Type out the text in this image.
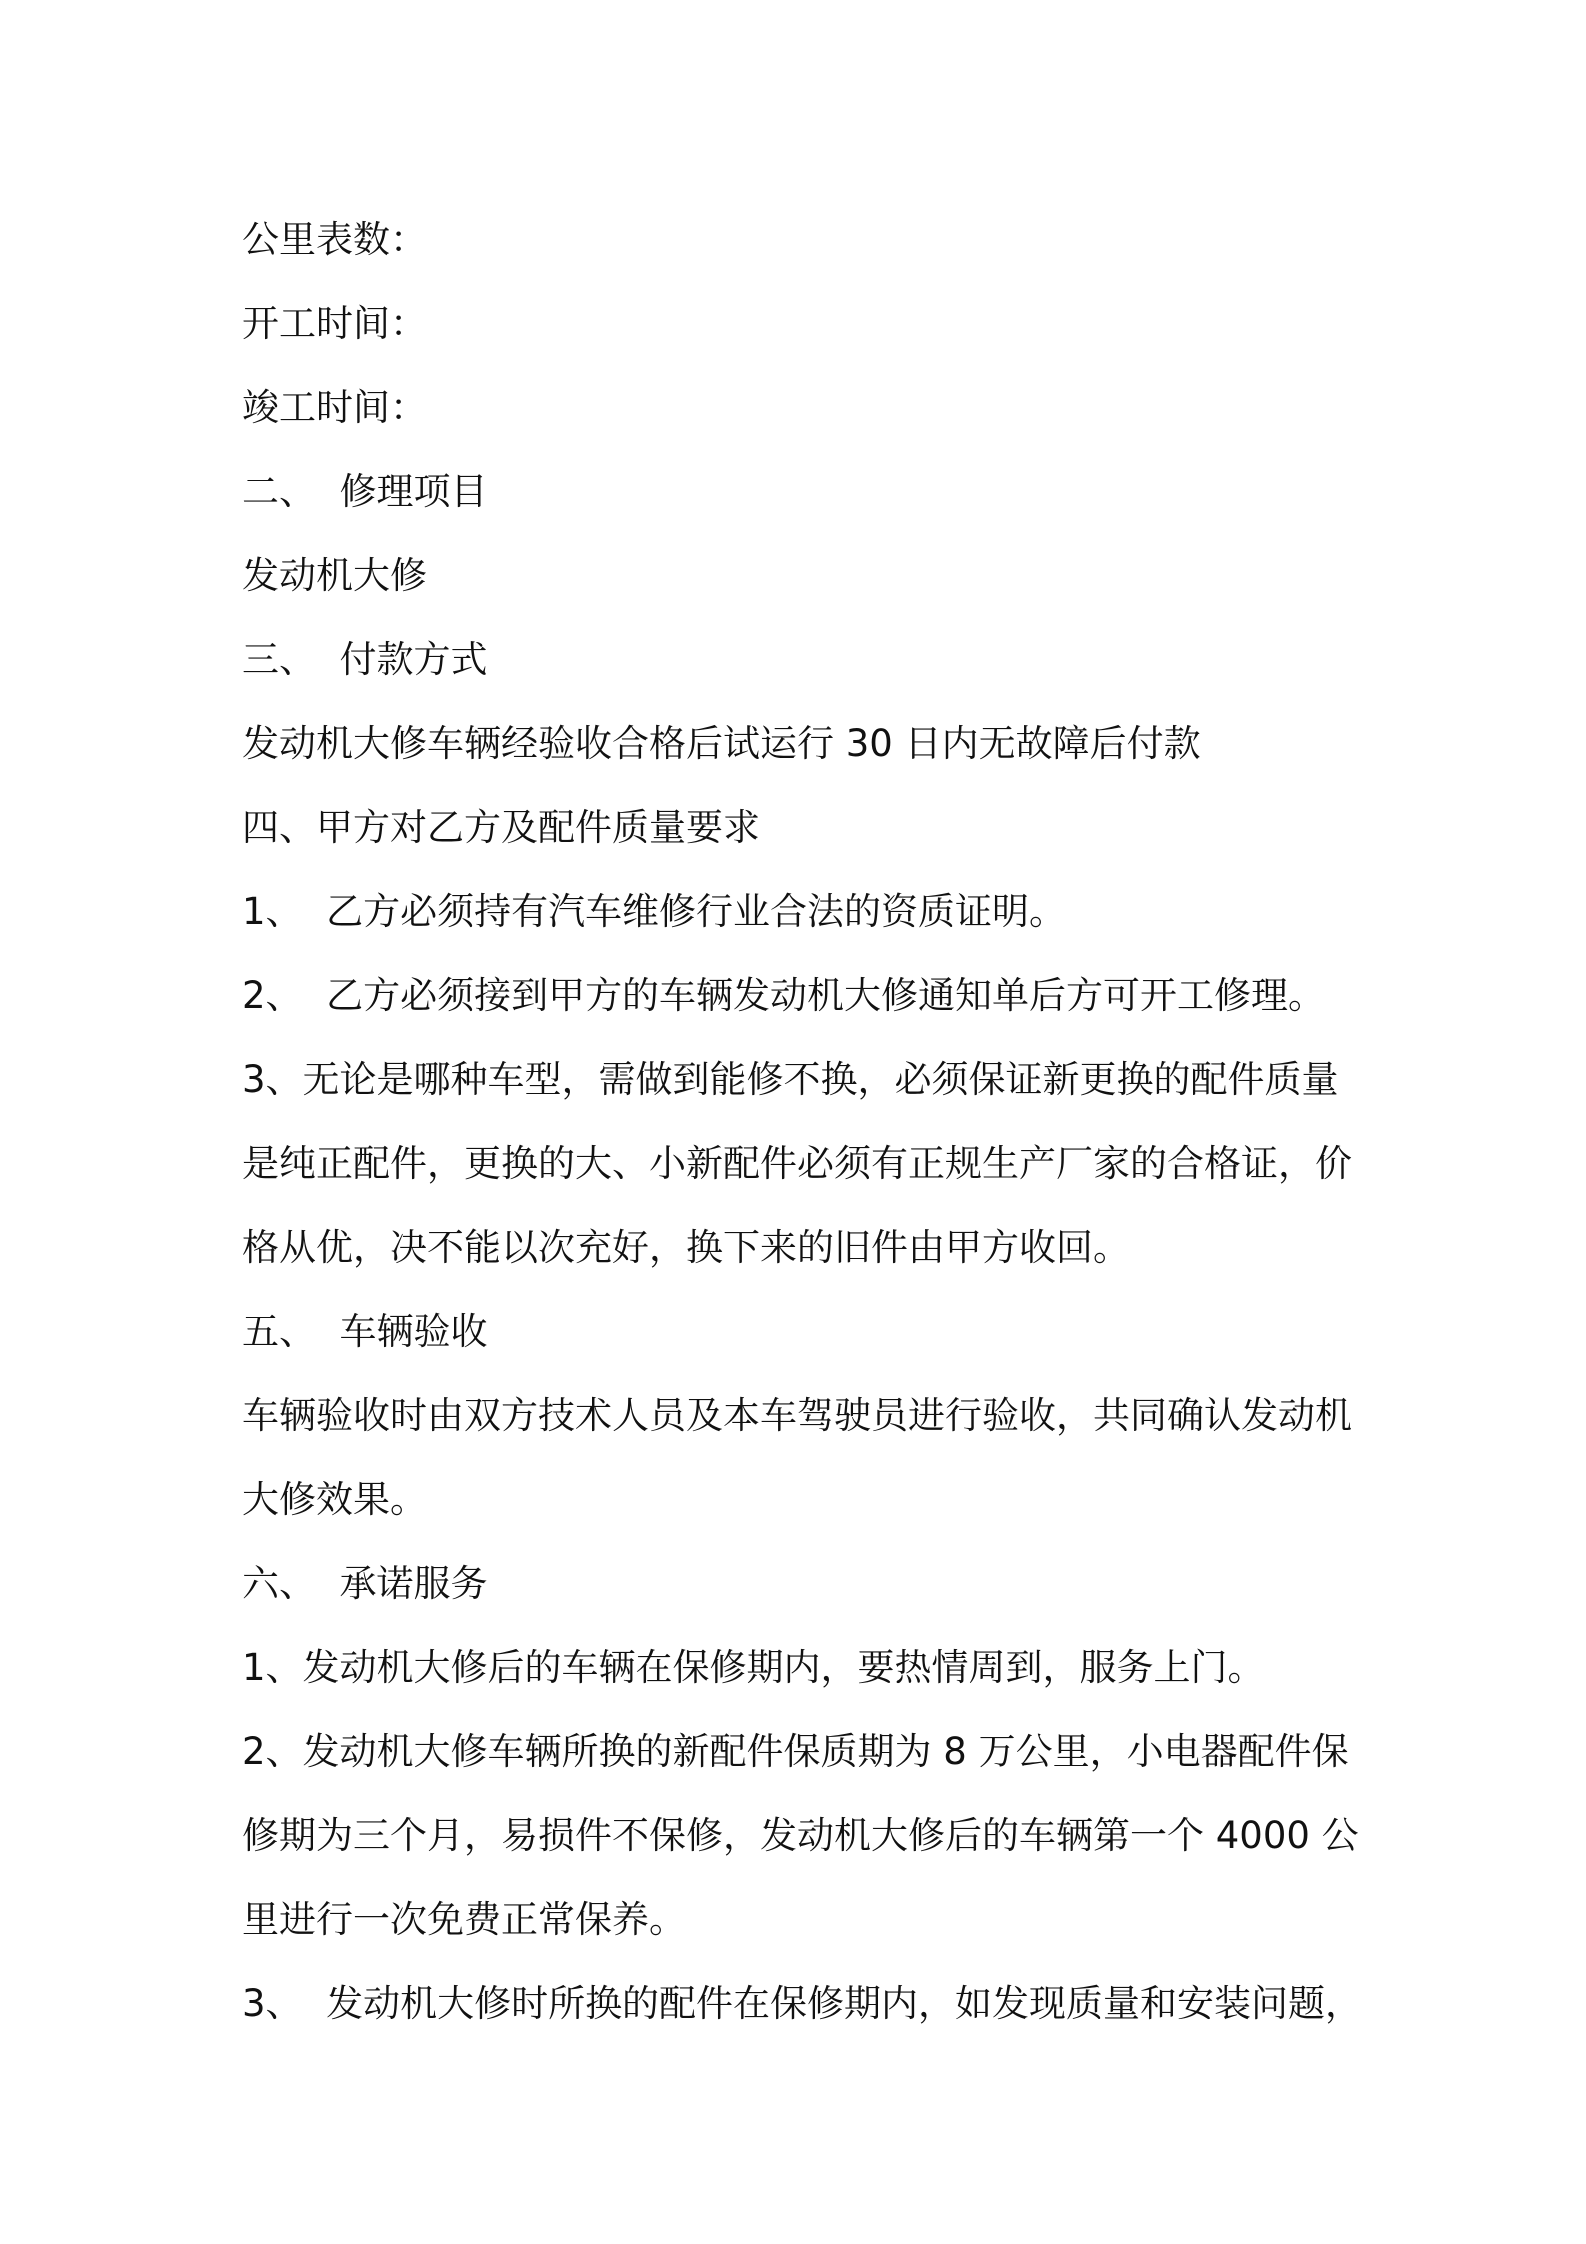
公里表数：
开工时间：
竣工时间：
二、  修理项目
发动机大修
三、  付款方式
发动机大修车辆经验收合格后试运行 30 日内无故障后付款
四、甲方对乙方及配件质量要求
1、  乙方必须持有汽车维修行业合法的资质证明。
2、  乙方必须接到甲方的车辆发动机大修通知单后方可开工修理。
3、无论是哪种车型，需做到能修不换，必须保证新更换的配件质量
是纯正配件，更换的大、小新配件必须有正规生产厂家的合格证，价
格从优，决不能以次充好，换下来的旧件由甲方收回。
五、  车辆验收
车辆验收时由双方技术人员及本车驾驶员进行验收，共同确认发动机
大修效果。
六、  承诺服务
1、发动机大修后的车辆在保修期内，要热情周到，服务上门。
2、发动机大修车辆所换的新配件保质期为 8 万公里，小电器配件保
修期为三个月，易损件不保修，发动机大修后的车辆第一个 4000 公
里进行一次免费正常保养。
3、  发动机大修时所换的配件在保修期内，如发现质量和安装问题，
